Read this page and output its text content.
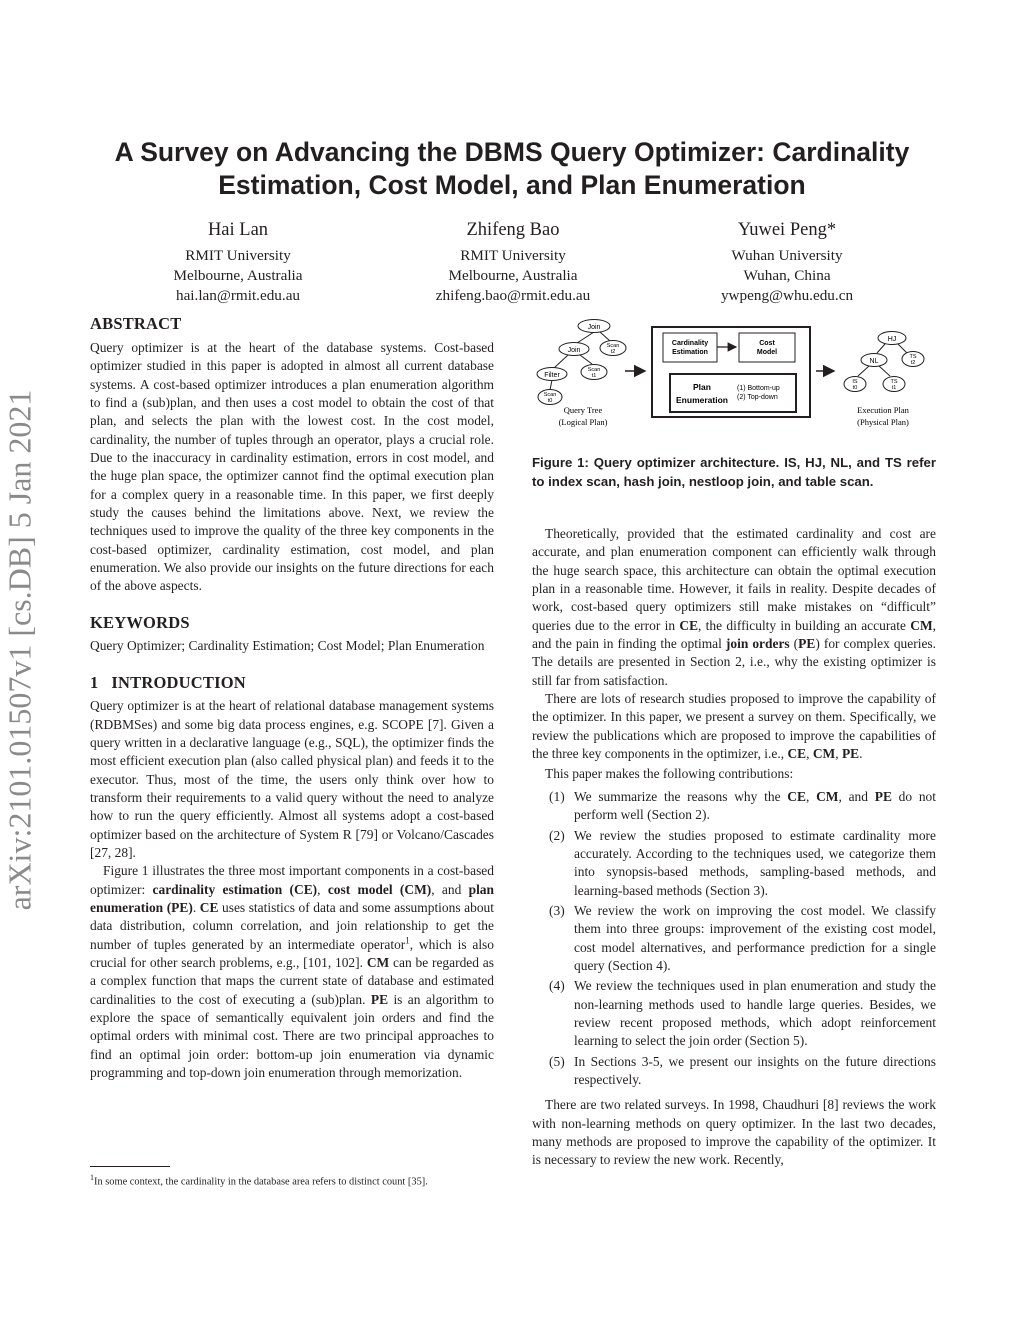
arXiv:2101.01507v1 [cs.DB] 5 Jan 2021
A Survey on Advancing the DBMS Query Optimizer: Cardinality
Estimation, Cost Model, and Plan Enumeration
Hai Lan
RMIT University
Melbourne, Australia
hai.lan@rmit.edu.au
Zhifeng Bao
RMIT University
Melbourne, Australia
zhifeng.bao@rmit.edu.au
Yuwei Peng*
Wuhan University
Wuhan, China
ywpeng@whu.edu.cn
ABSTRACT

Query optimizer is at the heart of the database systems. Cost-based optimizer studied in this paper is adopted in almost all current database systems. A cost-based optimizer introduces a plan enumeration algorithm to find a (sub)plan, and then uses a cost model to obtain the cost of that plan, and selects the plan with the lowest cost. In the cost model, cardinality, the number of tuples through an operator, plays a crucial role. Due to the inaccuracy in cardinality estimation, errors in cost model, and the huge plan space, the optimizer cannot find the optimal execution plan for a complex query in a reasonable time. In this paper, we first deeply study the causes behind the limitations above. Next, we review the techniques used to improve the quality of the three key components in the cost-based optimizer, cardinality estimation, cost model, and plan enumeration. We also provide our insights on the future directions for each of the above aspects.

KEYWORDS

Query Optimizer; Cardinality Estimation; Cost Model; Plan Enumeration

1   INTRODUCTION

Query optimizer is at the heart of relational database management systems (RDBMSes) and some big data process engines, e.g. SCOPE [7]. Given a query written in a declarative language (e.g., SQL), the optimizer finds the most efficient execution plan (also called physical plan) and feeds it to the executor. Thus, most of the time, the users only think over how to transform their requirements to a valid query without the need to analyze how to run the query efficiently. Almost all systems adopt a cost-based optimizer based on the architecture of System R [79] or Volcano/Cascades [27, 28].

Figure 1 illustrates the three most important components in a cost-based optimizer: cardinality estimation (CE), cost model (CM), and plan enumeration (PE). CE uses statistics of data and some assumptions about data distribution, column correlation, and join relationship to get the number of tuples generated by an intermediate operator$^1$, which is also crucial for other search problems, e.g., [101, 102]. CM can be regarded as a complex function that maps the current state of database and estimated cardinalities to the cost of executing a (sub)plan. PE is an algorithm to explore the space of semantically equivalent join orders and find the optimal orders with minimal cost. There are two principal approaches to find an optimal join order: bottom-up join enumeration via dynamic programming and top-down join enumeration through memorization.

$^1$In some context, the cardinality in the database area refers to distinct count [35].
Join
Join
Scan
t2
Filter
Scan
t1
Scan
t0
Query Tree
(Logical Plan)
Cardinality
Estimation
Cost
Model
Plan
Enumeration
(1) Bottom-up
(2) Top-down
HJ
NL
TS
t2
IS
t0
TS
t1
Execution Plan
(Physical Plan)

Figure 1: Query optimizer architecture. IS, HJ, NL, and TS refer to index scan, hash join, nestloop join, and table scan.

Theoretically, provided that the estimated cardinality and cost are accurate, and plan enumeration component can efficiently walk through the huge search space, this architecture can obtain the optimal execution plan in a reasonable time. However, it fails in reality. Despite decades of work, cost-based query optimizers still make mistakes on “difficult” queries due to the error in CE, the difficulty in building an accurate CM, and the pain in finding the optimal join orders (PE) for complex queries. The details are presented in Section 2, i.e., why the existing optimizer is still far from satisfaction.

There are lots of research studies proposed to improve the capability of the optimizer. In this paper, we present a survey on them. Specifically, we review the publications which are proposed to improve the capabilities of the three key components in the optimizer, i.e., CE, CM, PE.

This paper makes the following contributions:

(1) We summarize the reasons why the CE, CM, and PE do not perform well (Section 2).
(2) We review the studies proposed to estimate cardinality more accurately. According to the techniques used, we categorize them into synopsis-based methods, sampling-based methods, and learning-based methods (Section 3).
(3) We review the work on improving the cost model. We classify them into three groups: improvement of the existing cost model, cost model alternatives, and performance prediction for a single query (Section 4).
(4) We review the techniques used in plan enumeration and study the non-learning methods used to handle large queries. Besides, we review recent proposed methods, which adopt reinforcement learning to select the join order (Section 5).
(5) In Sections 3-5, we present our insights on the future directions respectively.

There are two related surveys. In 1998, Chaudhuri [8] reviews the work with non-learning methods on query optimizer. In the last two decades, many methods are proposed to improve the capability of the optimizer. It is necessary to review the new work. Recently,
